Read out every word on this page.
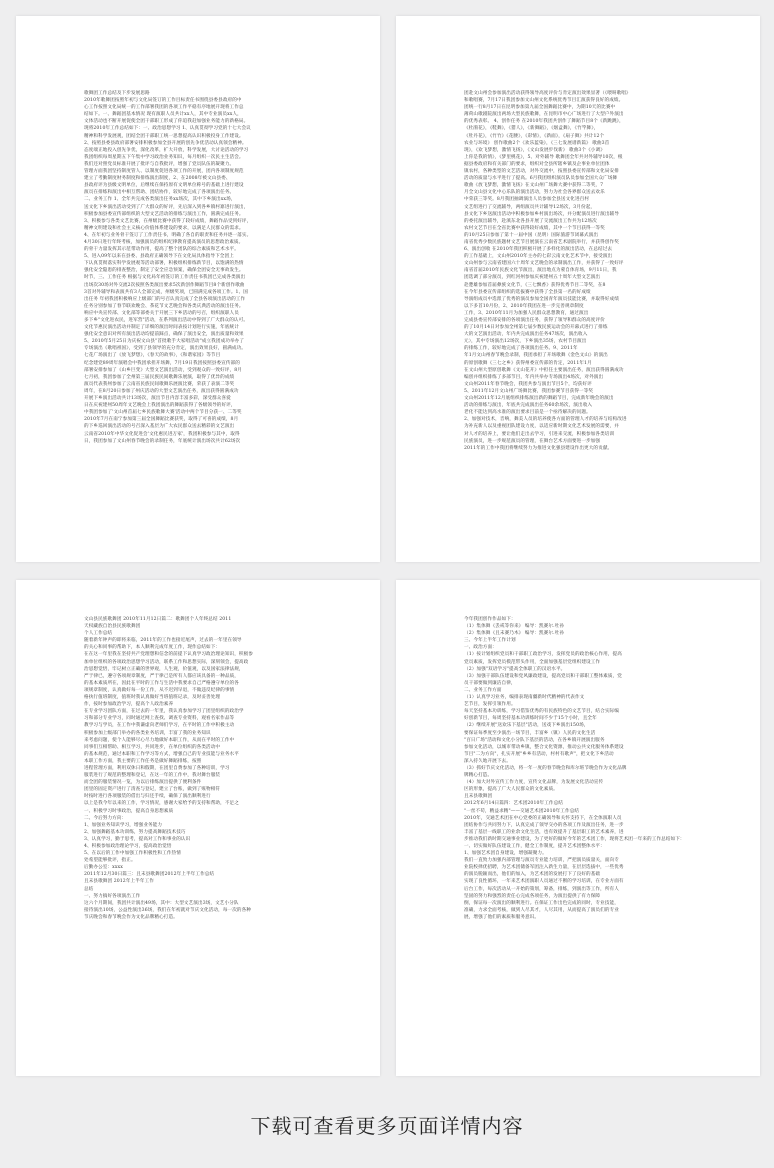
歌舞团工作总结及下步发展思路
2010年歌舞团按照年初与文化局签订的工作目标责任书围绕县委县政府的中
心工作按照文化局统一的工作部署我团的各项工作平稳有序地展开现将工作总
结如下。一、舞蹈团基本情况 现有演职人员共计xx人，其中专业演员xx人，
文体活动也不断开展促使全团干部职工形成了你追我赶加强业务能力的新格局。
现将2010年工作总结如下：一、政治思想学习 1、认真贯彻学习党的十七大会议
精神和科学发展观，团结全团干部职工统一思想提高认识积极投身工作建设。
2、按照县委县政府部署安排积极参加全县开展的创先争优活动认真领会精神。
态度端正地投入创先争优，深化改革，扩大开放，科学发展，大讨论活动的学习
我团组织每周星期五下午集中学习政治业务知识，每月组织一次民主生活会。
我们还对照党员标准开展了批评与自我批评，增强了党员队伍的凝聚力。
管理方面我团坚持制度管人、以制度促进各项工作的开展，团内各项制度规范
建立了考勤制度财务制度和排练演出制度，2、在2008年被文山县委、
县政府评为县级文明单位，后继续在保持原有文明单位称号的基础上进行建设
演员在排练和演出中相互帮助、团结协作，较好地完成了各项演出任务。
二、业务工作 1、全年共完成各类演出任务xx场次，其中下乡演出xx场，
送文化下乡演出活动受到了广大群众的好评，先后深入到各乡镇村寨进行演出，
积极参加县委宣传部组织的大型文艺活动的排练与演出工作，圆满完成任务。
3、积极参与各类文艺比赛，在州级比赛中获得了较好成绩，舞蹈作品受到好评，
精神文明建设和社会主义核心价值体系建设的要求，以满足人民群众的需求。
4、在年初与业务骨干签订了工作责任书，明确了各自的职责和任务并逐一落实。
4月30日进行年终考核，加强演员的组织纪律教育提高演员的思想政治素质。
的骨干力量发挥其示范带动作用，提高了整个团队的综合素质和艺术水平。
5、进入09年以来在县委、县政府正确领导下在文化局具体指导下全团上
下认真贯彻落实科学发展观等活动部署，积极组织排练新节目，以饱满的热情
强化安全隐患的排查整治，制定了安全应急预案，确保全团安全无事故发生。
时节，三、工作任务 根据与文化局年初签订的工作责任书我团已完成各类演出
出场次30场对外交流2次按照各类演出要求5次新创作舞蹈节目8个新创作歌曲
3首对外辅导和表演共有3人全部完成，州级奖项，已圆满完成各项工作。1、国
出任务 年初我团积极响应上级部门的号召认真完成了全县各项演出活动的工作
任务分别参加了春节联欢晚会、茶花节文艺晚会和各类庆典活动的演出任务。
响应中央宣传部、文化部等部委关于开展三下乡活动的号召，组织演职人员
多下乡"文化进农民，进军营"活动，在系列演出活动中得到了广大群众的认可。
文化节惠民演出活动并制定了详细的演出时间表按计划进行实施，年底统计
强化安全意识对所有演出活动均提前踩点，确保了演出安全，演出质量和效果
5、2010年5月25日为庆祝文山县"首批歌手大家唱活动"成立我团成功举办了
专场演出《歌唱祖国》，受到了县领导的充分肯定，演出效果良好，圆满成功。
七花广场演出了《放飞梦想》，《春天的故事》，《和谐家园》等节目
纪念建党89周年演唱会中我团承担开场舞，7月19日我团按照县委宣传部的
部署安排参加了《山乡巨变》大型文艺演出活动，受到观众的一致好评，8月
七月初，我团参加了全州第三届民族民间歌舞乐展演，取得了优异的成绩
演员代表我州参加了云南省民族民间歌舞乐展演比赛，荣获了表演二等奖
周年，在8月20日参加了州庆活动的大型文艺演出任务，演出获得圆满成功
开展下乡演出活动共计13场次，演出节目内容丰富多彩，深受群众喜爱
日在庆祝建州50周年文艺晚会上我团演出的舞蹈获得了各级领导的好评，
中我团参加了'文山州首届七乡民族歌舞大赛'活动中两个节目分获一、二等奖
2010年7月在南宁参加第三届全国舞蹈比赛获奖，取得了可喜的成绩，8月
的下乡巡回演出活动的号召深入基层为广大农民群众送去精彩的文艺演出
云南省2010年中华文化促进会'文化惠民进万家'，我团积极参与其中，取得
日，我团参加了文山州春节晚会的录制任务，年底统计演出场次共计62场次
团赴文山州会参加演出活动获得领导高度评价与肯定演出效果显著（《喂呀歌唱》
和歌唱赛，7月17日我团参加文山州文化系统优秀节目汇演获得良好的成绩。
团统一行8月17日在昆明参加第九届全国舞蹈比赛中，为期10天的比赛中
薄荷山歌剧院演出两场大型民族歌舞，在昆明市中心广场进行了大型户外演出
的优秀表彰。 4、创作任务 在2010年我团共创作了舞蹈节目8个《新跳跳》，
《杜鹃花》，《鞋舞》，《猎人》，《新舞蹈》，《烟盒舞》，《竹竿舞》，
《牡丹花》，《竹竹》《花腰》，《彩情》，《新面》，《扇子舞》共计12个
农业与环境》 创作歌曲2个《欢乐蓝染》，《三七发展谱新篇》 歌曲3首
现》，《欢飞梦想，激情飞扬》，《文山发展步伐新》 歌曲3个《小调》
上你是我的情》，《梦里桃花》，5、对外辅导 歌舞团全年共对外辅导10次，根
据县委政府和有关部门的要求，组织对全县所辖乡镇及企事业单位团体
镇农村，各种类型的文艺活动，对外交流中，按照县委宣传部和文化局安排
活动的质量与水平进行了提高。6月我团组织演员队员参加全国大众广场舞
歌曲《放飞梦想，激情飞扬》在文山州广场舞大赛中获得二等奖，7
月全文山县文化中心乐队的演出活动，努力为社会各界群众送去欢乐
中荣获三等奖。8月我团抽调演出人员参加全县送文化进百村
文艺组进行了交流辅导，两组演员共计辅导12场次，3月份起，
县文化下乡送演出活动中积极参加乡村演出场次，并分配演员进行演出辅导
的委托演出辅导，赴滇东北各县开展了交流演出工作共为12场次
农村文艺节目在全省比赛中获得较好成绩，其中一个节目获得一等奖
的10月25日参加了第十一届中国（昆明）国际旅游节闭幕式演出
南省优秀少数民族题材文艺节目展演在云南省艺术剧院举行，并获得创作奖
6、演出创收 在2010年我团积极开展了多样化的演出活动，在总结过去
的工作基础上，文山州2010年主办的七彩云南文化艺术节中，接受演出
文山州参与云南省建国六十周年文艺晚会的录制演出工作，并获得了一致好评
南省首届2010年民族文化节演出，演出地点为蒙自体育场，9月11日，我
团选调了部分演员，到红河州参加庆祝建州五十周年大型文艺演出
赴楚雄参加首届彝族文化节，《三七飘香》获得优秀节目二等奖，在8
在今年县委宣传部组织的选拔赛中获得了全县第一名的好成绩
导演组成员中选派了优秀的演员参加全国青年演员技能比赛，并取得好成绩
以下多首10月份，2、2010年我团在进一步完善规章制度
工作，3、2010年11月为加强人民群众思想教育，通过演出
完成县委宣传部安排的各项演出任务，获得了领导和群众的高度评价
的了10月14日对参加全州第七届少数民族运动会的开幕式进行了排练
大的文艺演出活动，年内共完成演出任务47场次，演出收入
元），其中专场演出12场次，下乡演出35场，农村节目演出
的排练工作，较好地完成了各项演出任务。9、2011年
年1月文山州春节晚会录制，我团承担了开场歌舞《金色文山》的演出
的原创歌舞《三七之乡》获得州委宣传部的肯定，2011年1月
在文山州大型原创歌舞《文山花开》中担任主要演出任务，演出获得圆满成功
编创并组织排练了多部节目，年内共举办专场演出4场次，对外演出
文山州2011年春节晚会，我团共参与演出节目5个，均获好评
5、2011年12月文山州广场舞比赛，我团参赛节目获得一等奖
文山州2011年12月底组织排练演出新的舞蹈节目，完成新年晚会的演出
活动的排练与演出，年底共完成演出任务60余场次，演出收入
老化不能达到高水准的演出要求目前是一个亟待解决的问题。
2、加强对技术，音响，舞美人员的培养使各方面的管理人才的培养与结构改进
为补充新人以及重视团队建设力度，以适应新时期文化艺术发展的需要，并
对人才的培养上，要让他们走出去学习，引进来交流，积极参加各类培训
民族演员，进一步规范演员的管理，在舞台艺术方面要进一步加强
2011年的工作中我团将继续努力为推进文化强县建设作出更大的贡献。
文山县民族歌舞团 2010年11月12日篇二：歌舞团个人年终总结 2011
天权藏族自治县民族歌舞团
个人工作总结
随着新年钟声的即将来临，2011年的工作也接近尾声，过去的一年里在领导
的关心和同事的帮助下，本人顺利完成年度工作，现作总结如下：
在在这一年里我在坚持共产党理想和信念的前提下认真学习政治理论知识，积极参
加单位组织的各项政治思想学习活动，联系工作和思想实际，深刻领会，提高政
治思想觉悟，牢记树立正确的世界观，人生观，价值观，以及国家法律法规，
严于律已，遵守各项规章制度，严于律己是所有人都应该具备的一种品质，
的基本素质所在，因此在平时的工作与生活中我要求自己严格遵守单位的各
项规章制度，认真做好每一份工作，从不迟到早退，不做违反纪律的事情
格执行值班制度，值班时我认真做好当班值班记录，及时妥善处理
作，按时参加政治学习，提高个人政治素养
在专业学习团队方面，在过去的一年里，我认真参加学习了团里组织的政治学
习和部分专业学习，同时通过网上查找、调查专业资料，观看名家作品等
教学习与学员，在工作中我谦虚向老师们学习，在平时的工作中积极主动
积极参加上级部门举办的各类业务培训，丰富了我的业务知识
来考虑问题，使个人能够尽心尽力地做好本职工作，从而在平时的工作中
同事们互相帮助、相互学习，共同进步，在单位组织的各类活动中
的基本规范，通过本职和工作学习等方式，增强自己的专业技能与业务水平
本职工作方面，我主要的工作任务是做好舞蹈排练，按照
进程管理方面，利用双休日和假期，在团里自费参加了各种培训，学习
服装进行了规范的整理和登记，在这一年的工作中，我对舞台服装
而全团的服装情况一览，为以后排练演出提供了便利条件
团里的固定资产进行了清查与登记，建立了台账，做到了账物相符
时按时进行各项服装的借出与归还手续，确保了演出顺利进行
以上是我今年以来的工作，学习情况，感谢大家给予的支持和帮助，不足之
一、积极学习时事政治，提高自身思想素质
二、今后努力方向：
1、加强业务知识学习，增强业务能力
2、加强舞蹈基本功训练，努力提高舞蹈技术技巧
3、认真学习，勤于思考，提高对工作和事业的认识
4、积极参加政治理论学习，提高政治觉悟
5、在以后的工作中加强工作积极性和工作热情
处希望能够批评，指正。
后勤办公室：xxxx
2011年12月30日篇三：且末县歌舞团2012年上半年工作总结
且末县歌舞团 2012年上半年工作
总结
一、努力搞好各项演出工作
这六个月期间，我团共计演出49场，其中：大型文艺演出3场，文艺小分队
接待演出10场，公益性演出36场，我们在年初就对节庆文化活动，每一次的各种
节庆晚会和春节晚会作为文化品牌精心打造。
今年我团创作作品如下：
（1）集体舞《丢戒等你来》 编导：凯赛尔.吐孙
（2）集体舞《且末赛乃木》 编导：凯赛尔.吐孙
三、今年上半年工作计划
一、政治方面：
（1）按计划组织党员和干部职工政治学习，发挥党员的政治核心作用，提高
党员素质，发挥党员模范带头作用，全面加强基层党组织建设工作
（2）加强"双语学习"提高全体职工的汉语水平。
（3）加强干部队伍建设和党风廉政建设，提高党员和干部职工整体素质，党
员干部要做到廉洁自律，
二、业务工作方面
（1）认真学习业务，编排表现南疆新时代精神的代表作文
艺节目，发挥引领作用。
每天坚持基本功训练，学习借鉴优秀的有民族特色的文艺节目，结合实际编
好创新节目，每周坚持基本功训练时间不少于15个小时，且全年
（2）继续开展"送欢乐下基层"活动，送戏下乡演出150场，
要保证每季度至少演出一场节目，丰富乡（镇）人民的文化生活
"百日广场"活动和文化小分队下基层的活动，在各乡镇开展演出服务
参加文化活动，以城市带动乡镇，整合文化资源，推动公共文化服务体系建设
节目"二为方向"，扎实开展"乡乡有活动，村村有歌声"，把文化下乡活动
深入持久地开展下去。
（3）抓好节庆文化活动，将一年一度的春节晚会和库尔班节晚会作为文化品牌
牌精心打造。
（4）加大对外宣传工作力度，宣传文化品牌，为发展文化活动宣传
区的形象，提高了广大人民群众的文化素质。
且末县歌舞团
2012年6月14日篇四：艺术团2010年工作总结
"一丝不苟，精益求精"——交通艺术团2010年工作总结
2010年，交通艺术团在中心党委的正确领导和关怀支持下，在全体演职人员
团结协作与共同努力下，认真完成了领导交办的各项工作及演出任务，进一步
丰富了基层一线职工的业余文化生活，也有效提升了基层职工的艺术素养，进
步推动我们新时期交通事业建设，为了更好的做好今年的艺术团工作，现将艺术团一年来的工作总结如下：
一、切实做好队伍建设工作，健全工作制度，提升艺术团整体水平：
1、加强艺术团自身建设，增强凝聚力。
我们一直致力加强内部管理与演员专业能力培训，严把演员质量关，面向专
业院校择优招聘，为艺术团储备军团注入新生力量，在层层选拔中，一些优秀
的演员脱颖而出，他们的加入，为艺术团的发展打下了良好的基础
实现了良性循环，一年来艺术团演职人员通过不断的学习培训，在专业方面有
后台工作，每次活动从一开始的策划，筹备，排练，到演出等工作，所有人
坚固的努力和强烈的责任心完成各项任务，为演出提供了有力保障
倒，保证每一次演出的顺利进行。在保证工作出色完成的同时，专业技能，
准确，力求全面考核，做到人尽其才，人尽其用，从而提高了演员们的专业
展，增强了他们的素质和服务意识。
下载可查看更多页面详情内容
